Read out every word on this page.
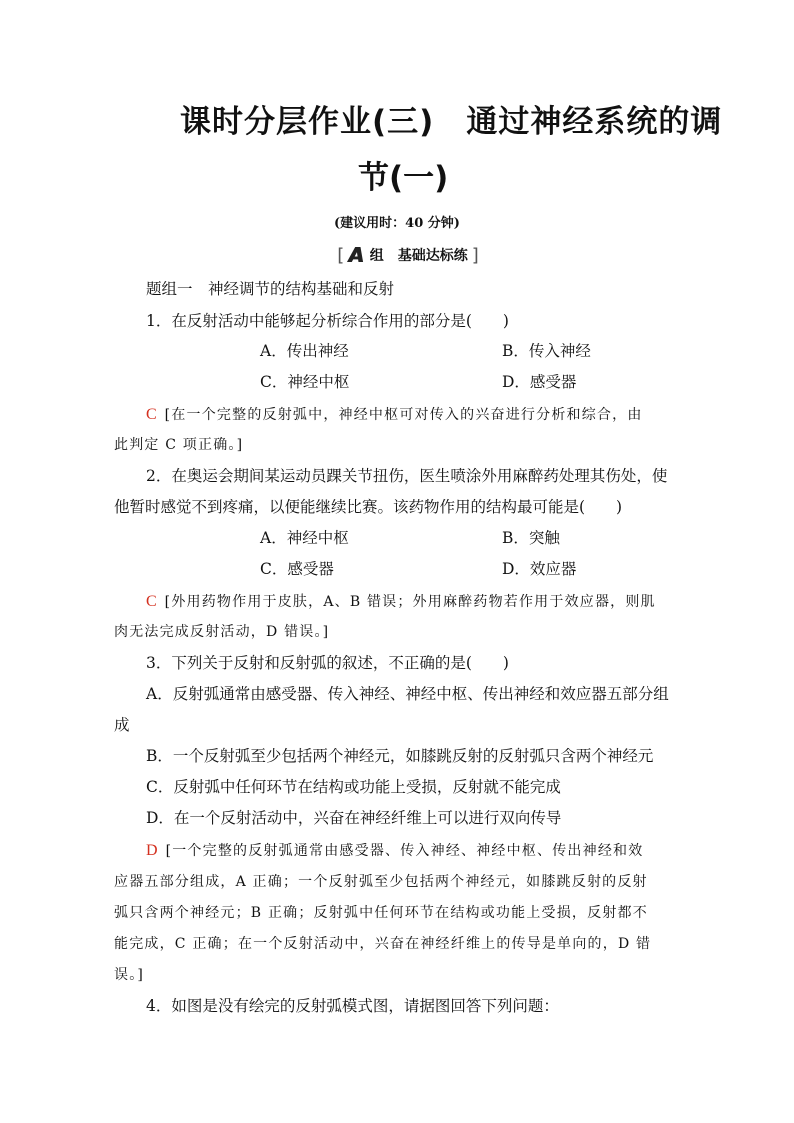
课时分层作业(三)　通过神经系统的调
节(一)
(建议用时：40 分钟)
[ A 组　基础达标练 ]
题组一　神经调节的结构基础和反射
1．在反射活动中能够起分析综合作用的部分是(　　)
A．传出神经	B．传入神经
C．神经中枢	D．感受器
C [在一个完整的反射弧中，神经中枢可对传入的兴奋进行分析和综合，由
此判定 C 项正确。]
2．在奥运会期间某运动员踝关节扭伤，医生喷涂外用麻醉药处理其伤处，使
他暂时感觉不到疼痛，以便能继续比赛。该药物作用的结构最可能是(　　)
A．神经中枢	B．突触
C．感受器	D．效应器
C [外用药物作用于皮肤，A、B 错误；外用麻醉药物若作用于效应器，则肌
肉无法完成反射活动，D 错误。]
3．下列关于反射和反射弧的叙述，不正确的是(　　)
A．反射弧通常由感受器、传入神经、神经中枢、传出神经和效应器五部分组
成
B．一个反射弧至少包括两个神经元，如膝跳反射的反射弧只含两个神经元
C．反射弧中任何环节在结构或功能上受损，反射就不能完成
D．在一个反射活动中，兴奋在神经纤维上可以进行双向传导
D [一个完整的反射弧通常由感受器、传入神经、神经中枢、传出神经和效
应器五部分组成，A 正确；一个反射弧至少包括两个神经元，如膝跳反射的反射
弧只含两个神经元；B 正确；反射弧中任何环节在结构或功能上受损，反射都不
能完成，C 正确；在一个反射活动中，兴奋在神经纤维上的传导是单向的，D 错
误。]
4．如图是没有绘完的反射弧模式图，请据图回答下列问题：
